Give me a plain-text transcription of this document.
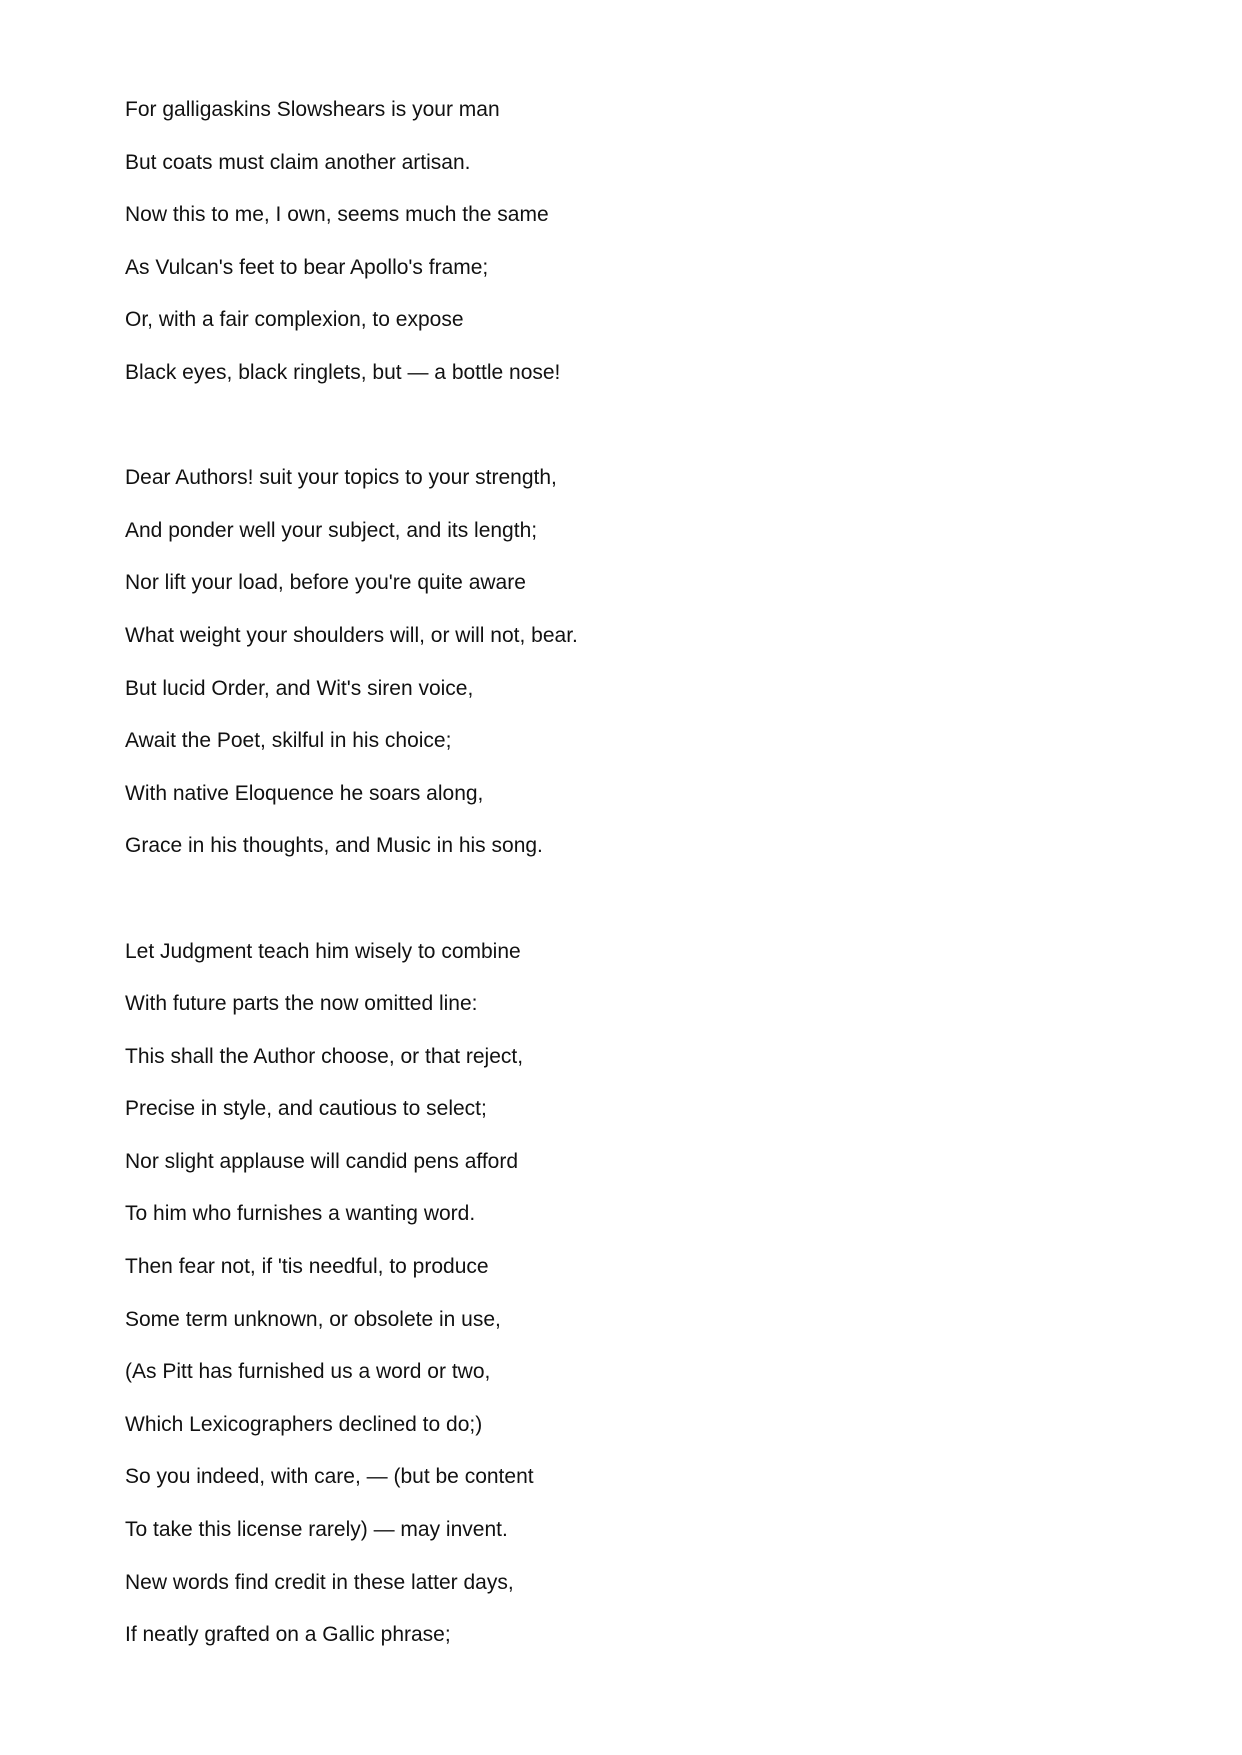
For galligaskins Slowshears is your man
But coats must claim another artisan.
Now this to me, I own, seems much the same
As Vulcan's feet to bear Apollo's frame;
Or, with a fair complexion, to expose
Black eyes, black ringlets, but — a bottle nose!
Dear Authors! suit your topics to your strength,
And ponder well your subject, and its length;
Nor lift your load, before you're quite aware
What weight your shoulders will, or will not, bear.
But lucid Order, and Wit's siren voice,
Await the Poet, skilful in his choice;
With native Eloquence he soars along,
Grace in his thoughts, and Music in his song.
Let Judgment teach him wisely to combine
With future parts the now omitted line:
This shall the Author choose, or that reject,
Precise in style, and cautious to select;
Nor slight applause will candid pens afford
To him who furnishes a wanting word.
Then fear not, if 'tis needful, to produce
Some term unknown, or obsolete in use,
(As Pitt has furnished us a word or two,
Which Lexicographers declined to do;)
So you indeed, with care, — (but be content
To take this license rarely) — may invent.
New words find credit in these latter days,
If neatly grafted on a Gallic phrase;
